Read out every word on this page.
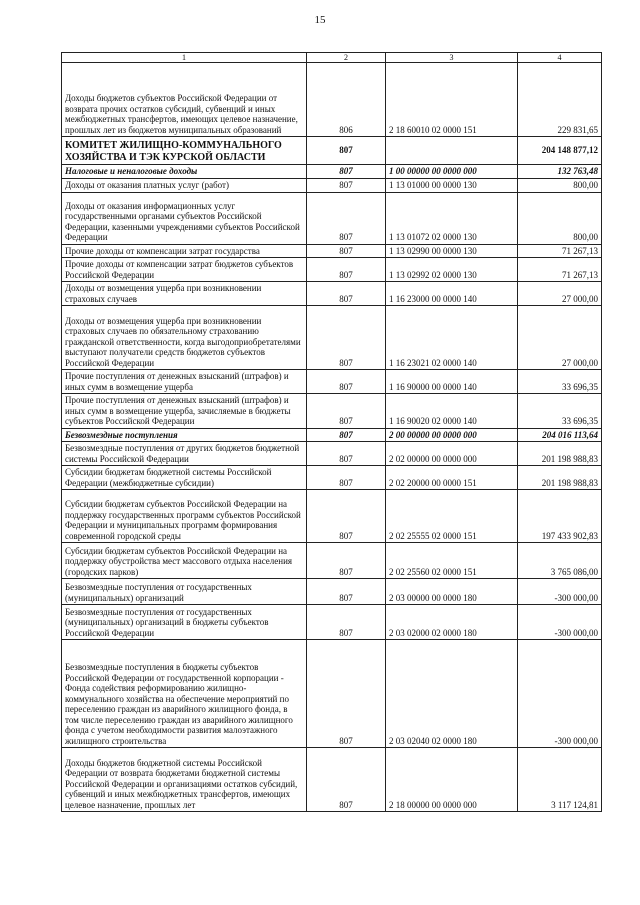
15
1	2	3	4
Доходы бюджетов субъектов Российской Федерации от возврата прочих остатков субсидий, субвенций и иных межбюджетных трансфертов, имеющих целевое назначение, прошлых лет из бюджетов муниципальных образований	806	2 18 60010 02 0000 151	229 831,65
КОМИТЕТ ЖИЛИЩНО-КОММУНАЛЬНОГО ХОЗЯЙСТВА И ТЭК КУРСКОЙ ОБЛАСТИ	807		204 148 877,12
Налоговые и неналоговые доходы	807	1 00 00000 00 0000 000	132 763,48
Доходы от оказания платных услуг (работ)	807	1 13 01000 00 0000 130	800,00
Доходы от оказания информационных услуг государственными органами субъектов Российской Федерации, казенными учреждениями субъектов Российской Федерации	807	1 13 01072 02 0000 130	800,00
Прочие доходы от компенсации затрат государства	807	1 13 02990 00 0000 130	71 267,13
Прочие доходы от компенсации затрат бюджетов субъектов Российской Федерации	807	1 13 02992 02 0000 130	71 267,13
Доходы от возмещения ущерба при возникновении страховых случаев	807	1 16 23000 00 0000 140	27 000,00
Доходы от возмещения ущерба при возникновении страховых случаев по обязательному страхованию гражданской ответственности, когда выгодоприобретателями выступают получатели средств бюджетов субъектов Российской Федерации	807	1 16 23021 02 0000 140	27 000,00
Прочие поступления от денежных взысканий (штрафов) и иных сумм в возмещение ущерба	807	1 16 90000 00 0000 140	33 696,35
Прочие поступления от денежных взысканий (штрафов) и иных сумм в возмещение ущерба, зачисляемые в бюджеты субъектов Российской Федерации	807	1 16 90020 02 0000 140	33 696,35
Безвозмездные поступления	807	2 00 00000 00 0000 000	204 016 113,64
Безвозмездные поступления от других бюджетов бюджетной системы Российской Федерации	807	2 02 00000 00 0000 000	201 198 988,83
Субсидии бюджетам бюджетной системы Российской Федерации (межбюджетные субсидии)	807	2 02 20000 00 0000 151	201 198 988,83
Субсидии бюджетам субъектов Российской Федерации на поддержку государственных программ субъектов Российской Федерации и муниципальных программ формирования современной городской среды	807	2 02 25555 02 0000 151	197 433 902,83
Субсидии бюджетам субъектов Российской Федерации на поддержку обустройства мест массового отдыха населения (городских парков)	807	2 02 25560 02 0000 151	3 765 086,00
Безвозмездные поступления от государственных (муниципальных) организаций	807	2 03 00000 00 0000 180	-300 000,00
Безвозмездные поступления от государственных (муниципальных) организаций в бюджеты субъектов Российской Федерации	807	2 03 02000 02 0000 180	-300 000,00
Безвозмездные поступления в бюджеты субъектов Российской Федерации от государственной корпорации - Фонда содействия реформированию жилищно-коммунального хозяйства на обеспечение мероприятий по переселению граждан из аварийного жилищного фонда, в том числе переселению граждан из аварийного жилищного фонда с учетом необходимости развития малоэтажного жилищного строительства	807	2 03 02040 02 0000 180	-300 000,00
Доходы бюджетов бюджетной системы Российской Федерации от возврата бюджетами бюджетной системы Российской Федерации и организациями остатков субсидий, субвенций и иных межбюджетных трансфертов, имеющих целевое назначение, прошлых лет	807	2 18 00000 00 0000 000	3 117 124,81
